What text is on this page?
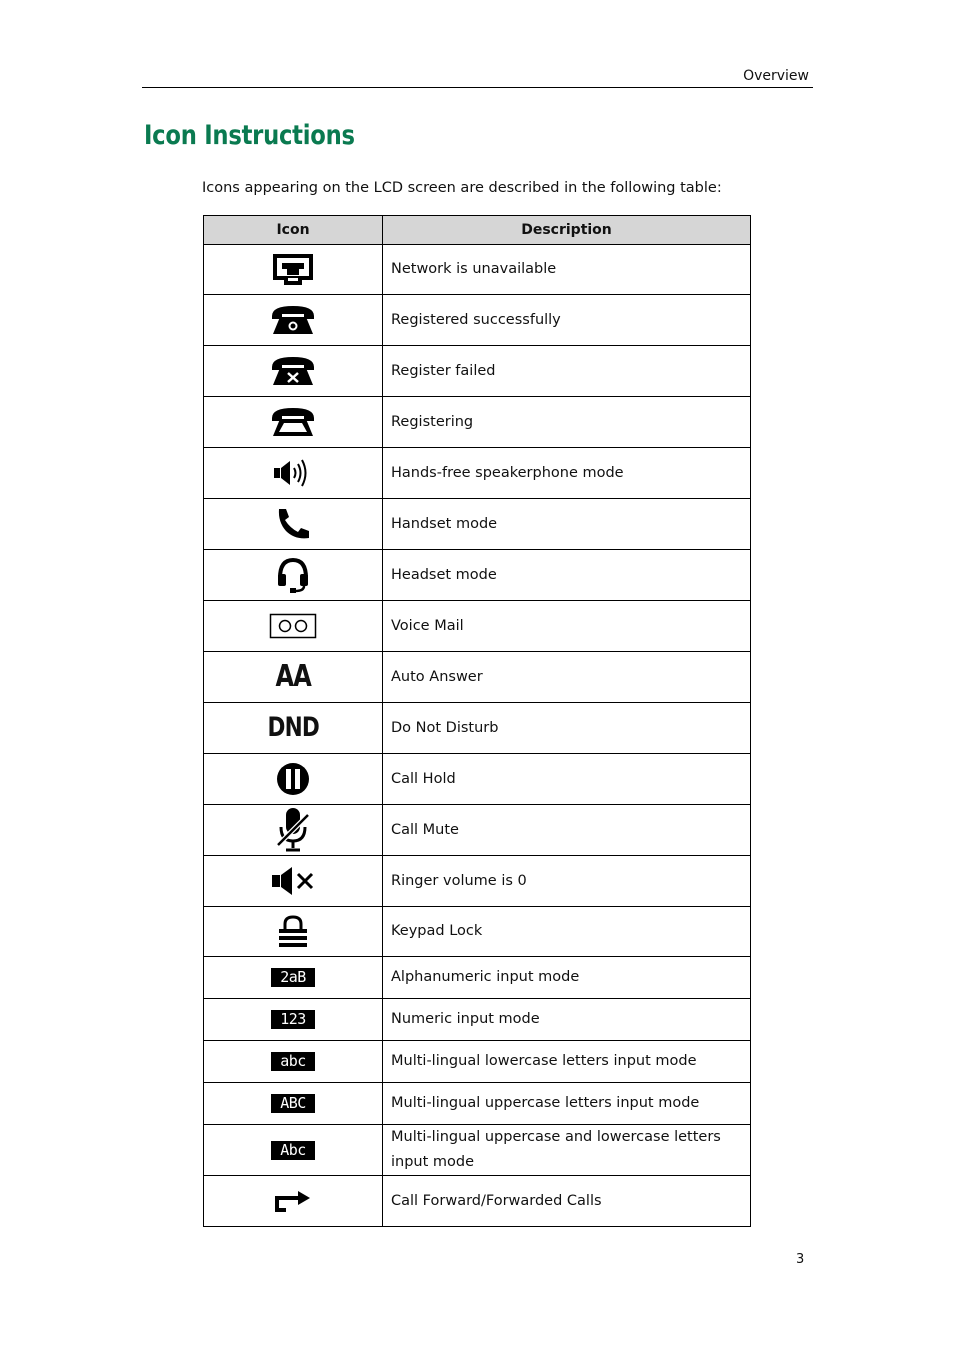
Overview
Icon Instructions

Icons appearing on the LCD screen are described in the following table:

Icon	Description

	Network is unavailable

	Registered successfully

	Register failed

	Registering

	Hands-free speakerphone mode

	Handset mode

	Headset mode

	Voice Mail
AA	Auto Answer
DND	Do Not Disturb

	Call Hold

	Call Mute

	Ringer volume is 0

	Keypad Lock
2aB	Alphanumeric input mode
123	Numeric input mode
abc	Multi-lingual lowercase letters input mode
ABC	Multi-lingual uppercase letters input mode
Abc	Multi-lingual uppercase and lowercase letters input mode

	Call Forward/Forwarded Calls
3
